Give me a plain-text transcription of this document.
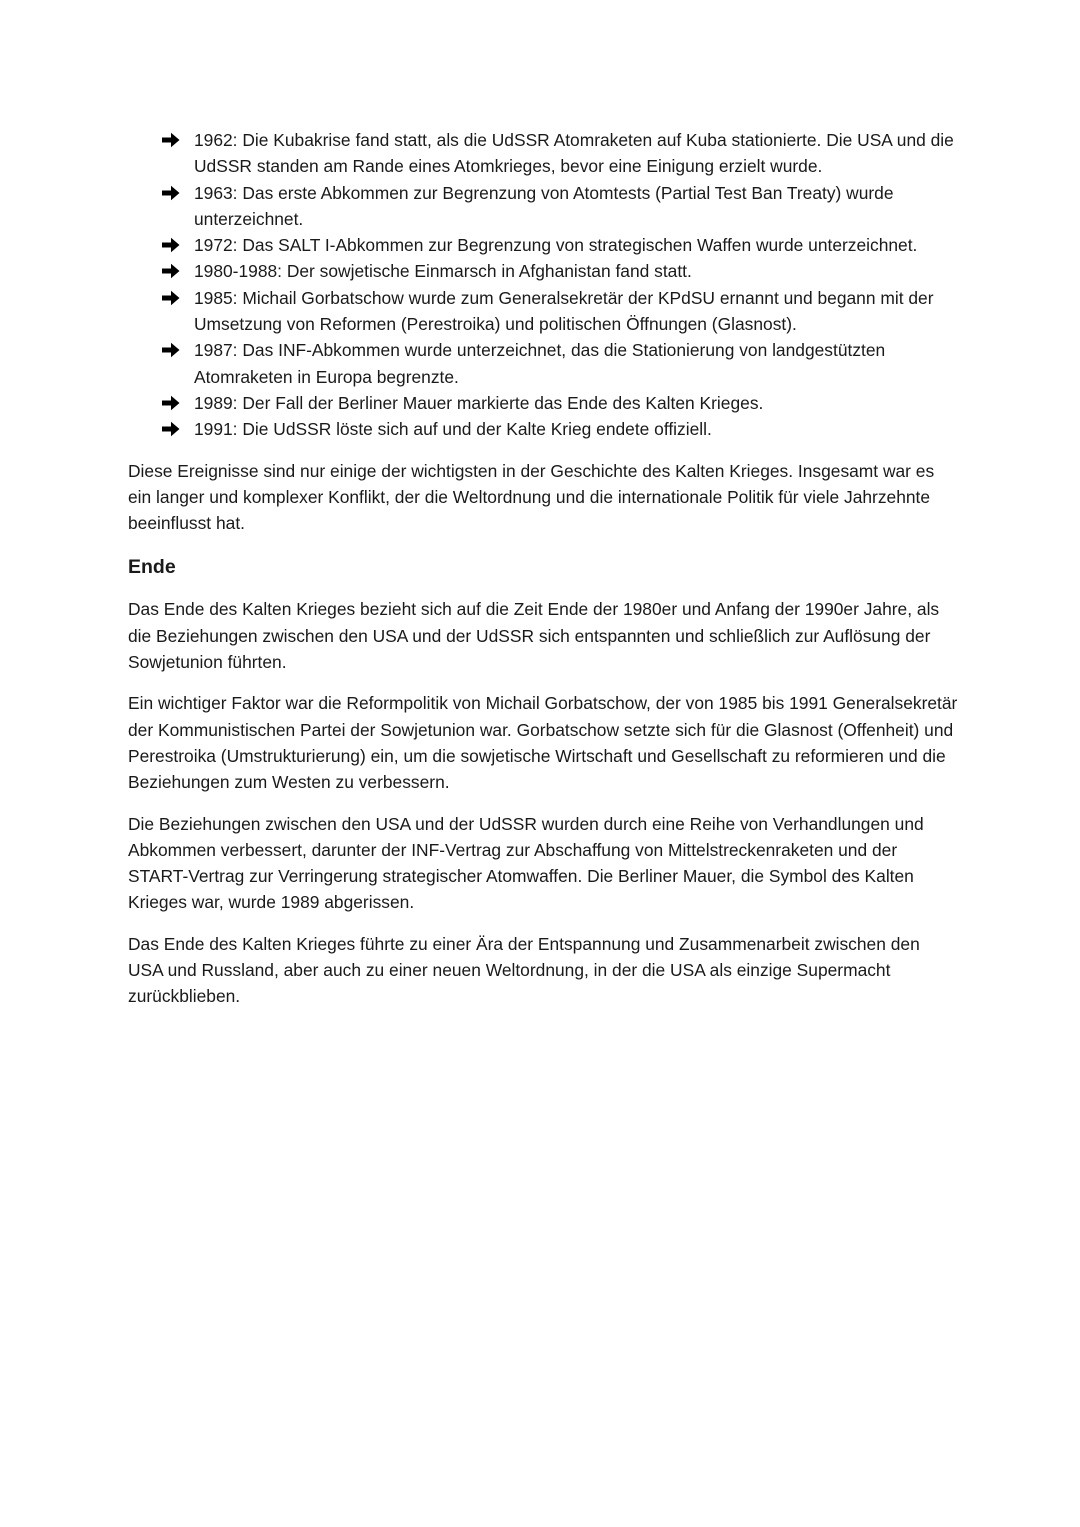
1962: Die Kubakrise fand statt, als die UdSSR Atomraketen auf Kuba stationierte. Die USA und die UdSSR standen am Rande eines Atomkrieges, bevor eine Einigung erzielt wurde.
1963: Das erste Abkommen zur Begrenzung von Atomtests (Partial Test Ban Treaty) wurde unterzeichnet.
1972: Das SALT I-Abkommen zur Begrenzung von strategischen Waffen wurde unterzeichnet.
1980-1988: Der sowjetische Einmarsch in Afghanistan fand statt.
1985: Michail Gorbatschow wurde zum Generalsekretär der KPdSU ernannt und begann mit der Umsetzung von Reformen (Perestroika) und politischen Öffnungen (Glasnost).
1987: Das INF-Abkommen wurde unterzeichnet, das die Stationierung von landgestützten Atomraketen in Europa begrenzte.
1989: Der Fall der Berliner Mauer markierte das Ende des Kalten Krieges.
1991: Die UdSSR löste sich auf und der Kalte Krieg endete offiziell.

Diese Ereignisse sind nur einige der wichtigsten in der Geschichte des Kalten Krieges. Insgesamt war es ein langer und komplexer Konflikt, der die Weltordnung und die internationale Politik für viele Jahrzehnte beeinflusst hat.

Ende

Das Ende des Kalten Krieges bezieht sich auf die Zeit Ende der 1980er und Anfang der 1990er Jahre, als die Beziehungen zwischen den USA und der UdSSR sich entspannten und schließlich zur Auflösung der Sowjetunion führten.

Ein wichtiger Faktor war die Reformpolitik von Michail Gorbatschow, der von 1985 bis 1991 Generalsekretär der Kommunistischen Partei der Sowjetunion war. Gorbatschow setzte sich für die Glasnost (Offenheit) und Perestroika (Umstrukturierung) ein, um die sowjetische Wirtschaft und Gesellschaft zu reformieren und die Beziehungen zum Westen zu verbessern.

Die Beziehungen zwischen den USA und der UdSSR wurden durch eine Reihe von Verhandlungen und Abkommen verbessert, darunter der INF-Vertrag zur Abschaffung von Mittelstreckenraketen und der START-Vertrag zur Verringerung strategischer Atomwaffen. Die Berliner Mauer, die Symbol des Kalten Krieges war, wurde 1989 abgerissen.

Das Ende des Kalten Krieges führte zu einer Ära der Entspannung und Zusammenarbeit zwischen den USA und Russland, aber auch zu einer neuen Weltordnung, in der die USA als einzige Supermacht zurückblieben.
